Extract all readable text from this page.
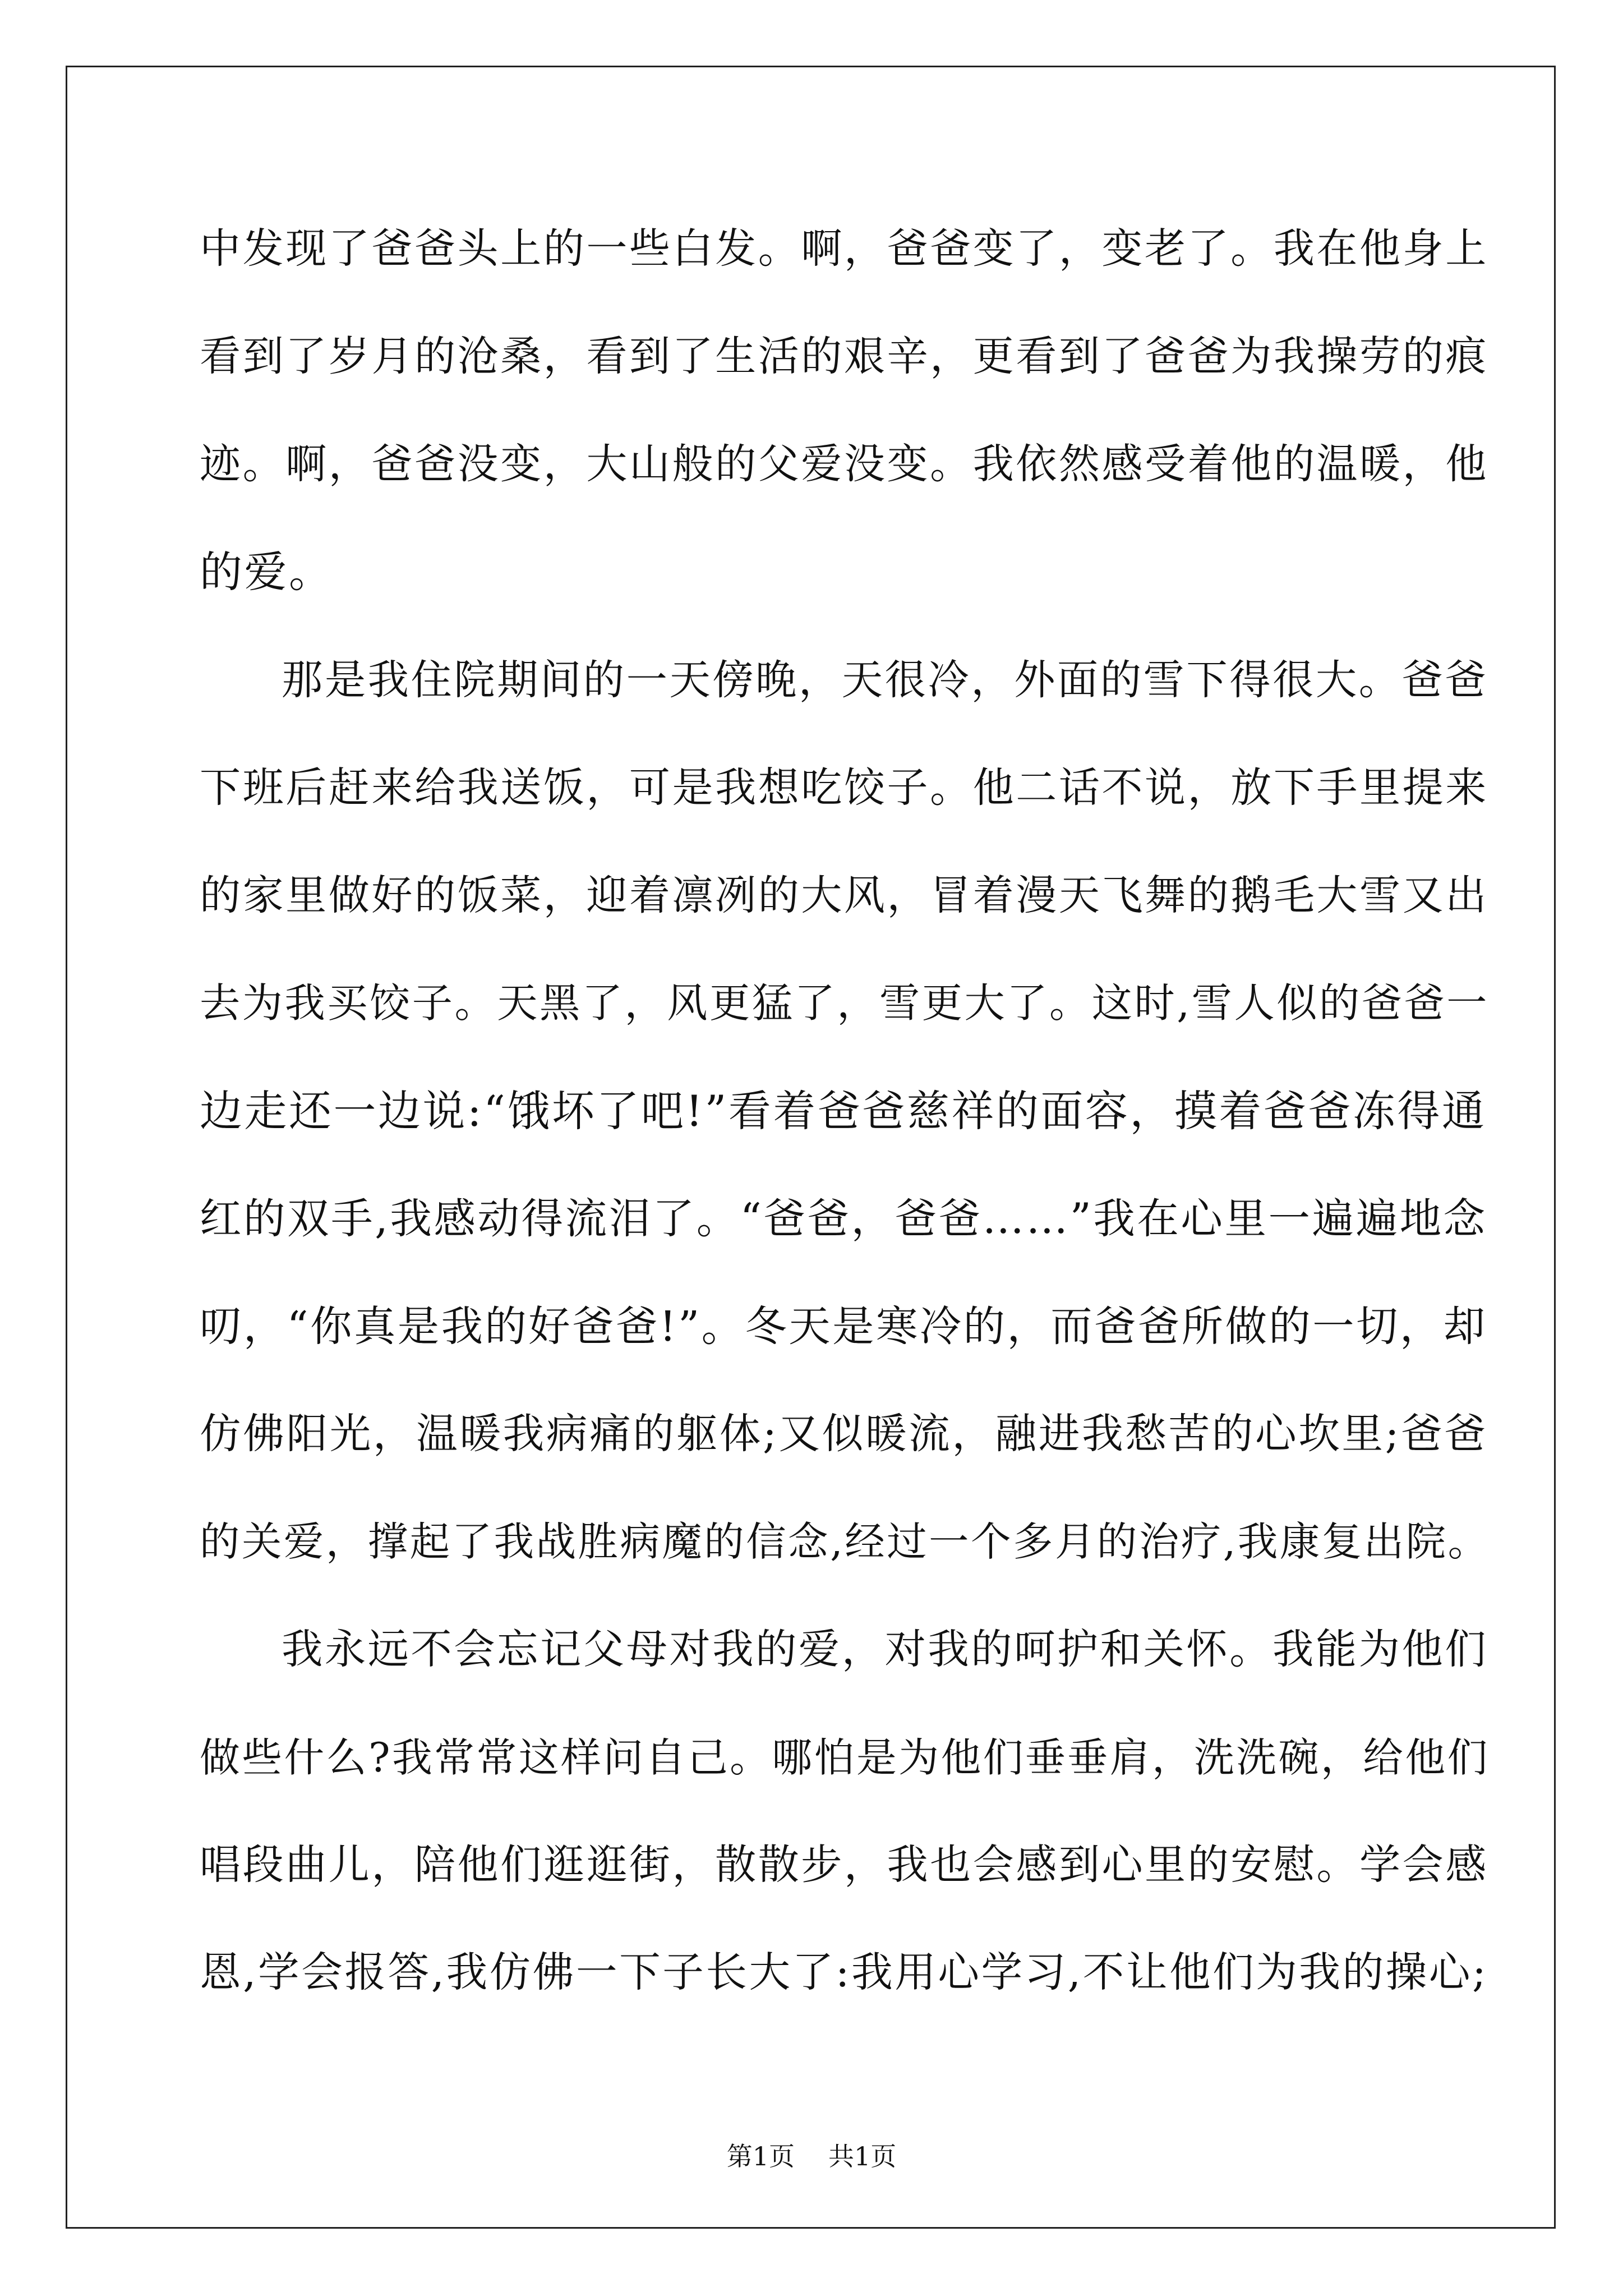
中发现了爸爸头上的一些白发。啊，爸爸变了，变老了。我在他身上
看到了岁月的沧桑，看到了生活的艰辛，更看到了爸爸为我操劳的痕
迹。啊，爸爸没变，大山般的父爱没变。我依然感受着他的温暖，他
的爱。
那是我住院期间的一天傍晚，天很冷，外面的雪下得很大。爸爸
下班后赶来给我送饭，可是我想吃饺子。他二话不说，放下手里提来
的家里做好的饭菜，迎着凛冽的大风，冒着漫天飞舞的鹅毛大雪又出
去为我买饺子。天黑了，风更猛了，雪更大了。这时,雪人似的爸爸一
边走还一边说:“饿坏了吧!”看着爸爸慈祥的面容，摸着爸爸冻得通
红的双手,我感动得流泪了。“爸爸，爸爸……”我在心里一遍遍地念
叨，“你真是我的好爸爸!”。冬天是寒冷的，而爸爸所做的一切，却
仿佛阳光，温暖我病痛的躯体;又似暖流，融进我愁苦的心坎里;爸爸
的关爱，撑起了我战胜病魔的信念,经过一个多月的治疗,我康复出院。
我永远不会忘记父母对我的爱，对我的呵护和关怀。我能为他们
做些什么?我常常这样问自己。哪怕是为他们垂垂肩，洗洗碗，给他们
唱段曲儿，陪他们逛逛街，散散步，我也会感到心里的安慰。学会感
恩,学会报答,我仿佛一下子长大了:我用心学习,不让他们为我的操心;
第1页 共1页
